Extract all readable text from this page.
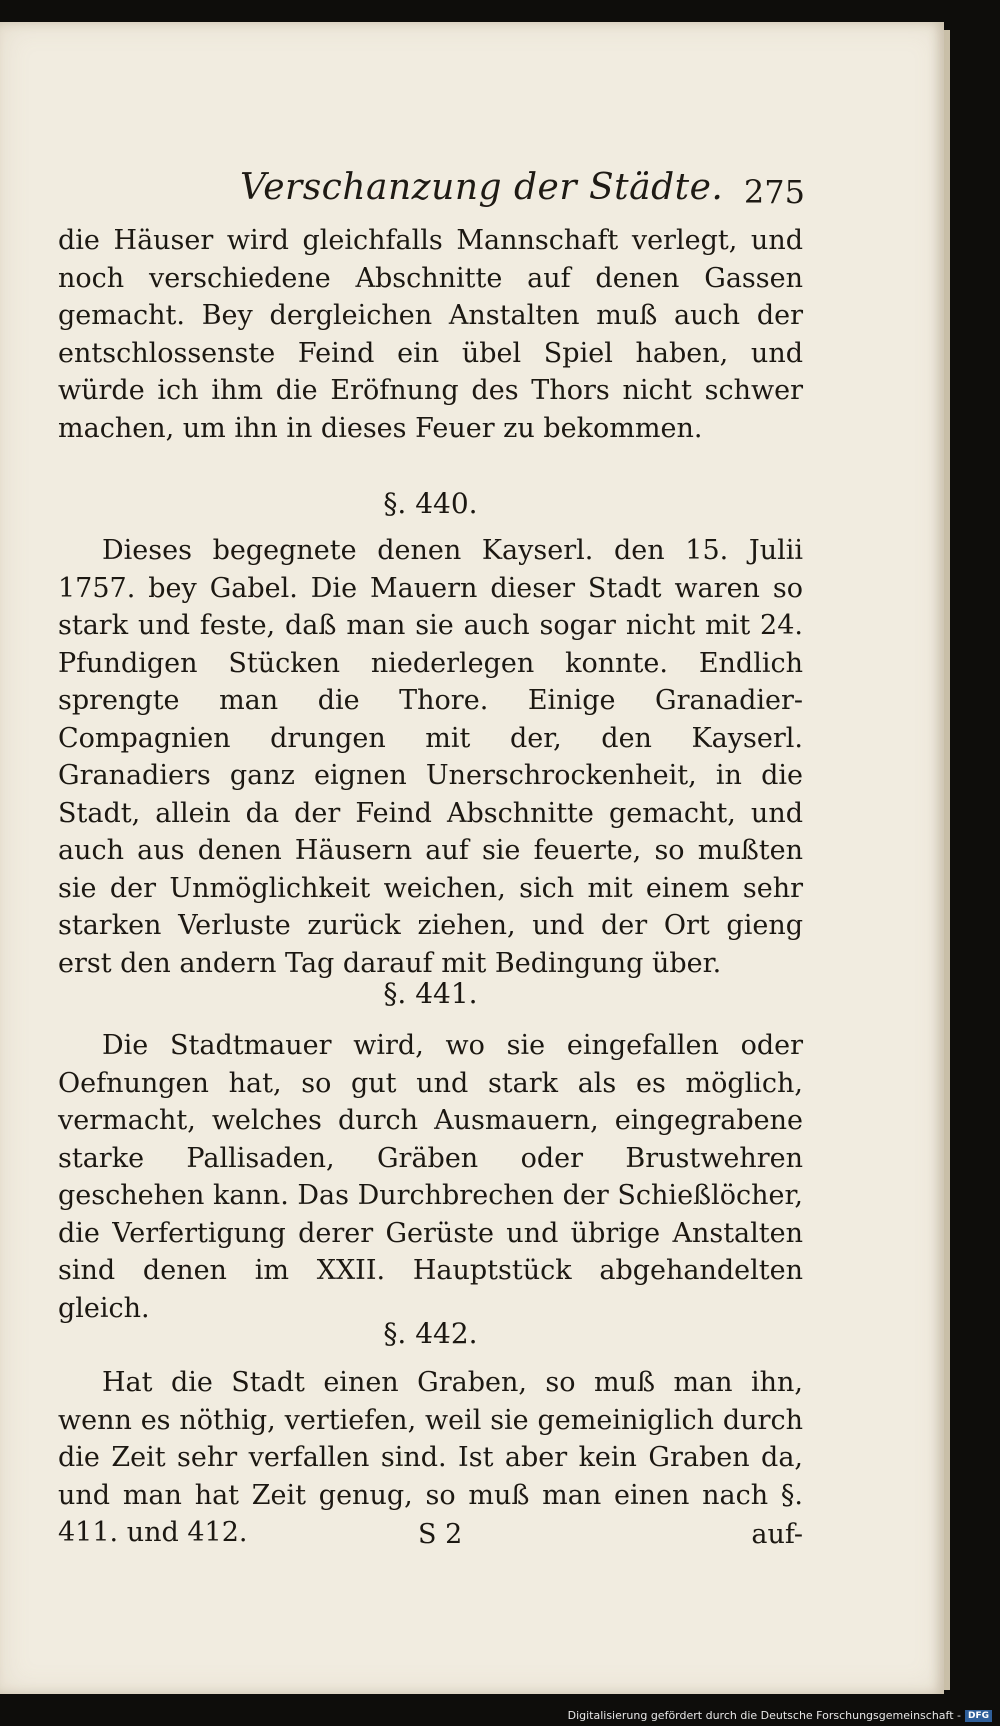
Verschanzung der Städte. 275

die Häuser wird gleichfalls Mannschaft verlegt, und noch verschiedene Abschnitte auf denen Gassen gemacht. Bey dergleichen Anstalten muß auch der entschlossenste Feind ein übel Spiel haben, und würde ich ihm die Eröfnung des Thors nicht schwer machen, um ihn in dieses Feuer zu bekommen.

§. 440.

Dieses begegnete denen Kayserl. den 15. Julii 1757. bey Gabel. Die Mauern dieser Stadt waren so stark und feste, daß man sie auch sogar nicht mit 24. Pfundigen Stücken niederlegen konnte. Endlich sprengte man die Thore. Einige Granadier-Compagnien drungen mit der, den Kayserl. Granadiers ganz eignen Unerschrockenheit, in die Stadt, allein da der Feind Abschnitte gemacht, und auch aus denen Häusern auf sie feuerte, so mußten sie der Unmöglichkeit weichen, sich mit einem sehr starken Verluste zurück ziehen, und der Ort gieng erst den andern Tag darauf mit Bedingung über.

§. 441.

Die Stadtmauer wird, wo sie eingefallen oder Oefnungen hat, so gut und stark als es möglich, vermacht, welches durch Ausmauern, eingegrabene starke Pallisaden, Gräben oder Brustwehren geschehen kann. Das Durchbrechen der Schießlöcher, die Verfertigung derer Gerüste und übrige Anstalten sind denen im XXII. Hauptstück abgehandelten gleich.

§. 442.

Hat die Stadt einen Graben, so muß man ihn, wenn es nöthig, vertiefen, weil sie gemeiniglich durch die Zeit sehr verfallen sind. Ist aber kein Graben da, und man hat Zeit genug, so muß man einen nach §. 411. und 412.	S 2	auf-
Digitalisierung gefördert durch die Deutsche Forschungsgemeinschaft - DFG
